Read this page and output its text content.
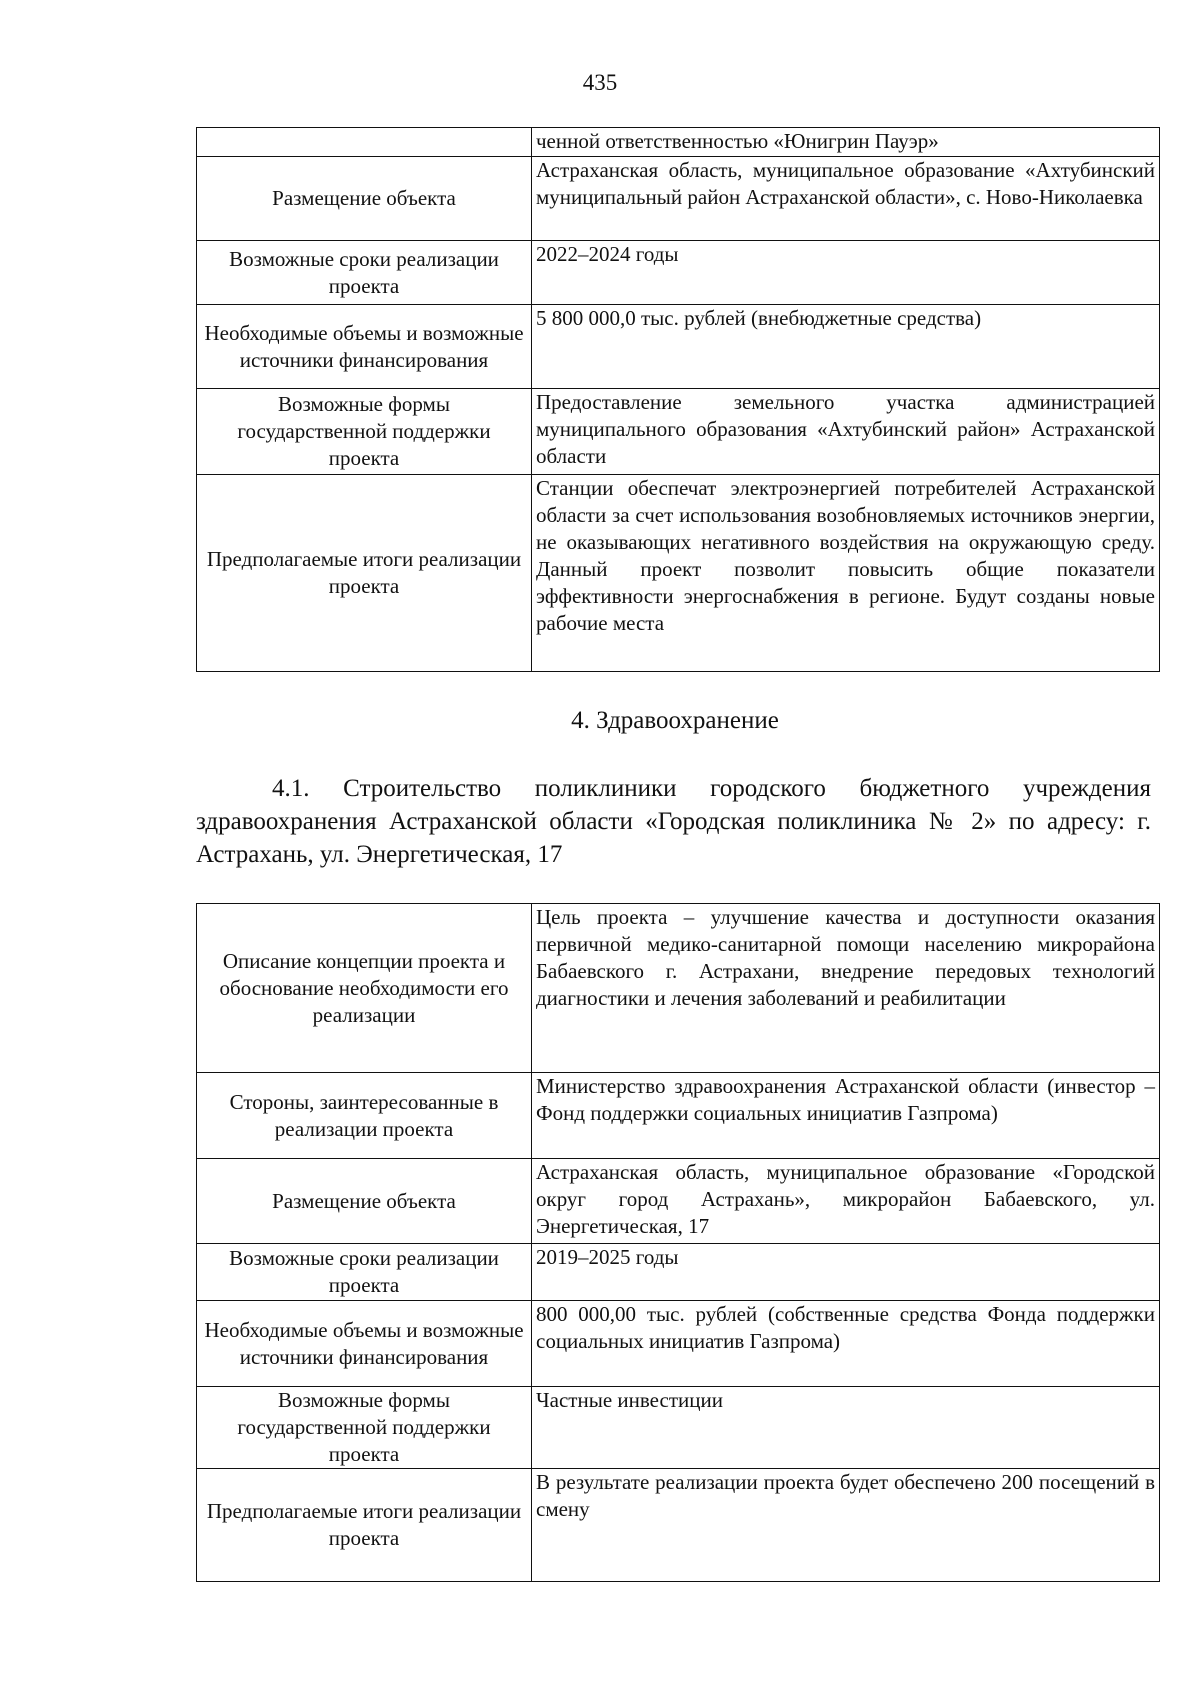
435
	ченной ответственностью «Юнигрин Пауэр»
Размещение объекта	Астраханская область, муниципальное образование «Ахтубинский муниципальный район Астраханской области», с. Ново-Николаевка
Возможные сроки реализации проекта	2022–2024 годы
Необходимые объемы и возможные источники финансирования	5 800 000,0 тыс. рублей (внебюджетные средства)
Возможные формы государственной поддержки проекта	Предоставление земельного участка администрацией муниципального образования «Ахтубинский район» Астраханской области
Предполагаемые итоги реализации проекта	Станции обеспечат электроэнергией потребителей Астраханской области за счет использования возобновляемых источников энергии, не оказывающих негативного воздействия на окружающую среду. Данный проект позволит повысить общие показатели эффективности энергоснабжения в регионе. Будут созданы новые рабочие места
4. Здравоохранение
4.1. Строительство поликлиники городского бюджетного учреждения здравоохранения Астраханской области «Городская поликлиника № 2» по адресу: г. Астрахань, ул. Энергетическая, 17
Описание концепции проекта и обоснование необходимости его реализации	Цель проекта – улучшение качества и доступности оказания первичной медико-санитарной помощи населению микрорайона Бабаевского г. Астрахани, внедрение передовых технологий диагностики и лечения заболеваний и реабилитации
Стороны, заинтересованные в реализации проекта	Министерство здравоохранения Астраханской области (инвестор – Фонд поддержки социальных инициатив Газпрома)
Размещение объекта	Астраханская область, муниципальное образование «Городской округ город Астрахань», микрорайон Бабаевского, ул. Энергетическая, 17
Возможные сроки реализации проекта	2019–2025 годы
Необходимые объемы и возможные источники финансирования	800 000,00 тыс. рублей (собственные средства Фонда поддержки социальных инициатив Газпрома)
Возможные формы государственной поддержки проекта	Частные инвестиции
Предполагаемые итоги реализации проекта	В результате реализации проекта будет обеспечено 200 посещений в смену
